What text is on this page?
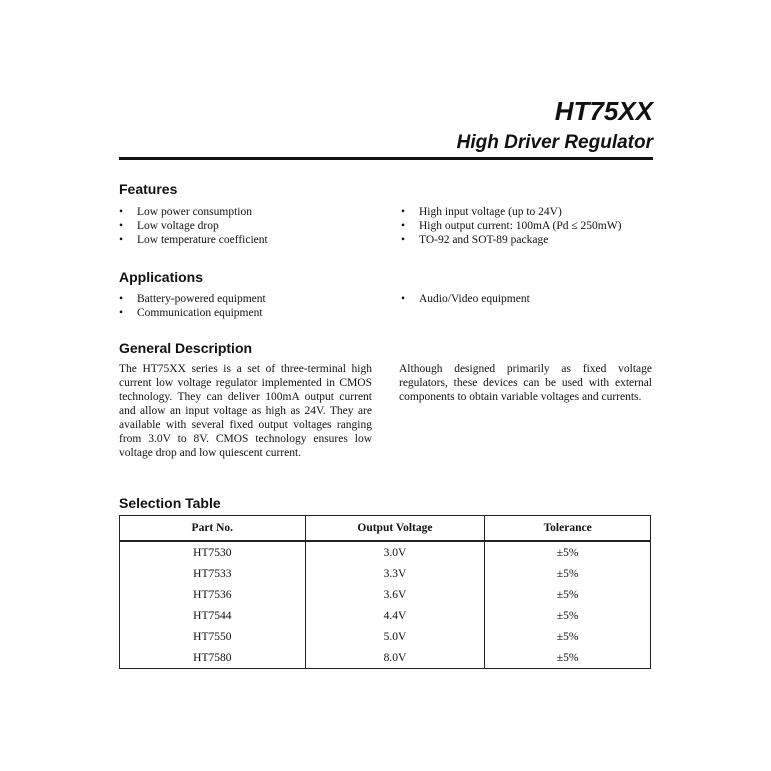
HT75XX
High Driver Regulator
Features
• Low power consumption
• Low voltage drop
• Low temperature coefficient
• High input voltage (up to 24V)
• High output current: 100mA (Pd ≤ 250mW)
• TO-92 and SOT-89 package
Applications
• Battery-powered equipment
• Communication equipment
• Audio/Video equipment
General Description

The HT75XX series is a set of three-terminal high current low voltage regulator implemented in CMOS technology. They can deliver 100mA output current and allow an input voltage as high as 24V. They are available with several fixed output voltages ranging from 3.0V to 8V. CMOS technology ensures low voltage drop and low quiescent current.

Although designed primarily as fixed voltage regulators, these devices can be used with external components to obtain variable voltages and currents.

Selection Table
Part No.	Output Voltage	Tolerance
HT7530	3.0V	±5%
HT7533	3.3V	±5%
HT7536	3.6V	±5%
HT7544	4.4V	±5%
HT7550	5.0V	±5%
HT7580	8.0V	±5%
